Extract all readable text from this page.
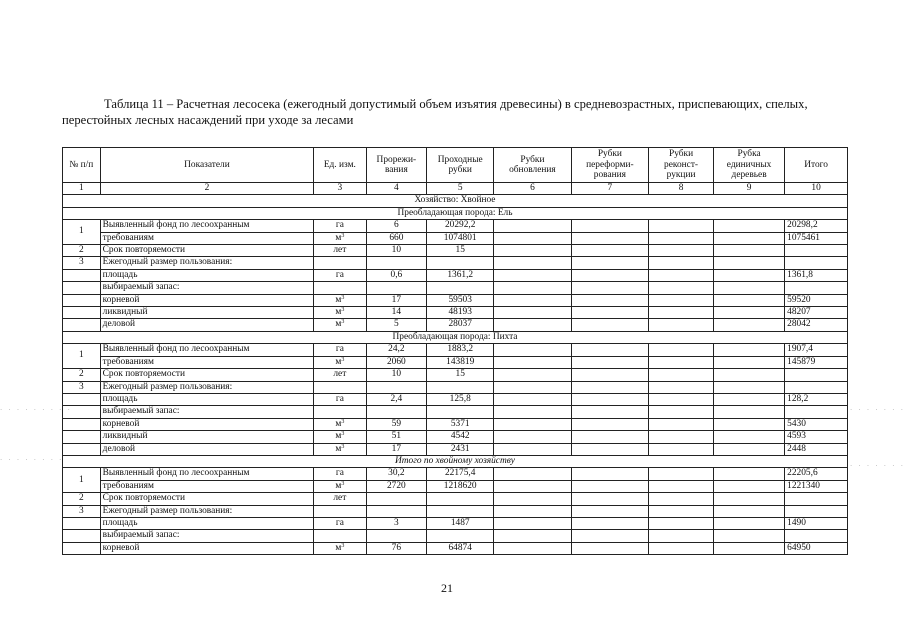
Таблица 11 – Расчетная лесосека (ежегодный допустимый объем изъятия древесины) в средневозрастных, приспевающих, спелых, перестойных лесных насаждений при уходе за лесами
· · · · · · · · ·	· · · · · · ·
· · · · · · · ·
· · · · · · ·
№ п/п	Показатели	Ед. изм.	Прорежи-вания	Проходные рубки	Рубки обновления	Рубки переформи-рования	Рубки реконст-рукции	Рубка единичных деревьев	Итого
1	2	3	4	5	6	7	8	9	10
Хозяйство: Хвойное									
Преобладающая порода: Ель									
1	Выявленный фонд по лесоохранным	га	6	20292,2					20298,2
	требованиям	$м^3$	660	1074801					1075461
2	Срок повторяемости	лет	10	15					
3	Ежегодный размер пользования:								
	площадь	га	0,6	1361,2					1361,8
	выбираемый запас:								
	корневой	$м^3$	17	59503					59520
	ликвидный	$м^3$	14	48193					48207
	деловой	$м^3$	5	28037					28042
Преобладающая порода: Пихта									
1	Выявленный фонд по лесоохранным	га	24,2	1883,2					1907,4
	требованиям	$м^3$	2060	143819					145879
2	Срок повторяемости	лет	10	15					
3	Ежегодный размер пользования:								
	площадь	га	2,4	125,8					128,2
	выбираемый запас:								
	корневой	$м^3$	59	5371					5430
	ликвидный	$м^3$	51	4542					4593
	деловой	$м^3$	17	2431					2448
Итого по хвойному хозяйству									
1	Выявленный фонд по лесоохранным	га	30,2	22175,4					22205,6
	требованиям	$м^3$	2720	1218620					1221340
2	Срок повторяемости	лет							
3	Ежегодный размер пользования:								
	площадь	га	3	1487					1490
	выбираемый запас:								
	корневой	$м^3$	76	64874					64950
21
